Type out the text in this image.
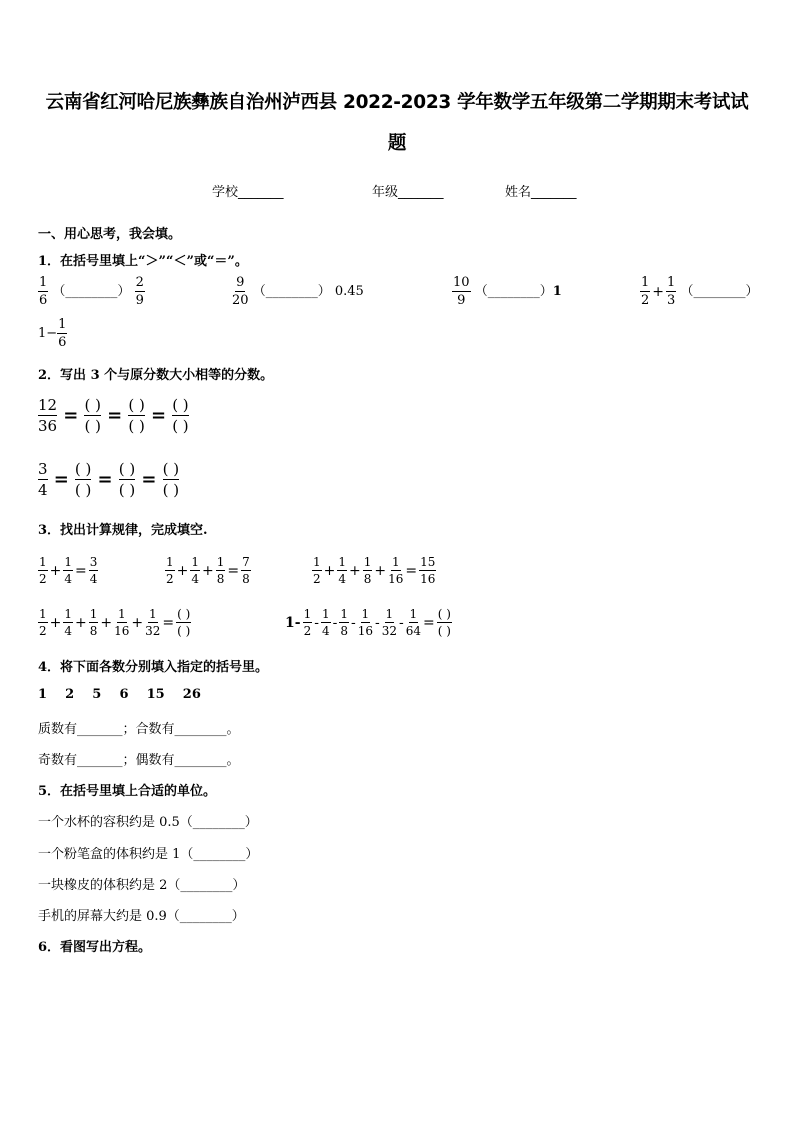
云南省红河哈尼族彝族自治州泸西县 2022-2023 学年数学五年级第二学期期末考试试
题
学校_______	年级_______	姓名_______
一、用心思考，我会填。
1．在括号里填上“＞”“＜”或“＝”。
$\frac{1}{6}$ （________） $\frac{2}{9}$	$\frac{9}{20}$ （________） 0.45	$\frac{10}{9}$ （________）1	$\frac{1}{2} + \frac{1}{3}$ （________）
$1- \frac{1}{6}$
2．写出 3 个与原分数大小相等的分数。
$\frac{12}{36}$ = ( )
( ) = ( )
( ) = ( )
( )
$\frac{3}{4}$ = ( )
( ) = ( )
( ) = ( )
( )
3．找出计算规律，完成填空.
$\frac{1}{2} + \frac{1}{4} = \frac{3}{4}$	$\frac{1}{2} + \frac{1}{4} + \frac{1}{8} = \frac{7}{8}$	$\frac{1}{2} + \frac{1}{4} + \frac{1}{8} + \frac{1}{16} = \frac{15}{16}$
$\frac{1}{2} + \frac{1}{4} + \frac{1}{8} + \frac{1}{16} + \frac{1}{32} = \frac{( )}{( )}$	$1- \frac{1}{2} - \frac{1}{4} - \frac{1}{8} - \frac{1}{16} - \frac{1}{32} - \frac{1}{64} = \frac{( )}{( )}$
4．将下面各数分别填入指定的括号里。
1    2    5    6    15    26
质数有_______；合数有________。
奇数有_______；偶数有________。
5．在括号里填上合适的单位。
一个水杯的容积约是 0.5（________）
一个粉笔盒的体积约是 1（________）
一块橡皮的体积约是 2（________）
手机的屏幕大约是 0.9（________）
6．看图写出方程。
